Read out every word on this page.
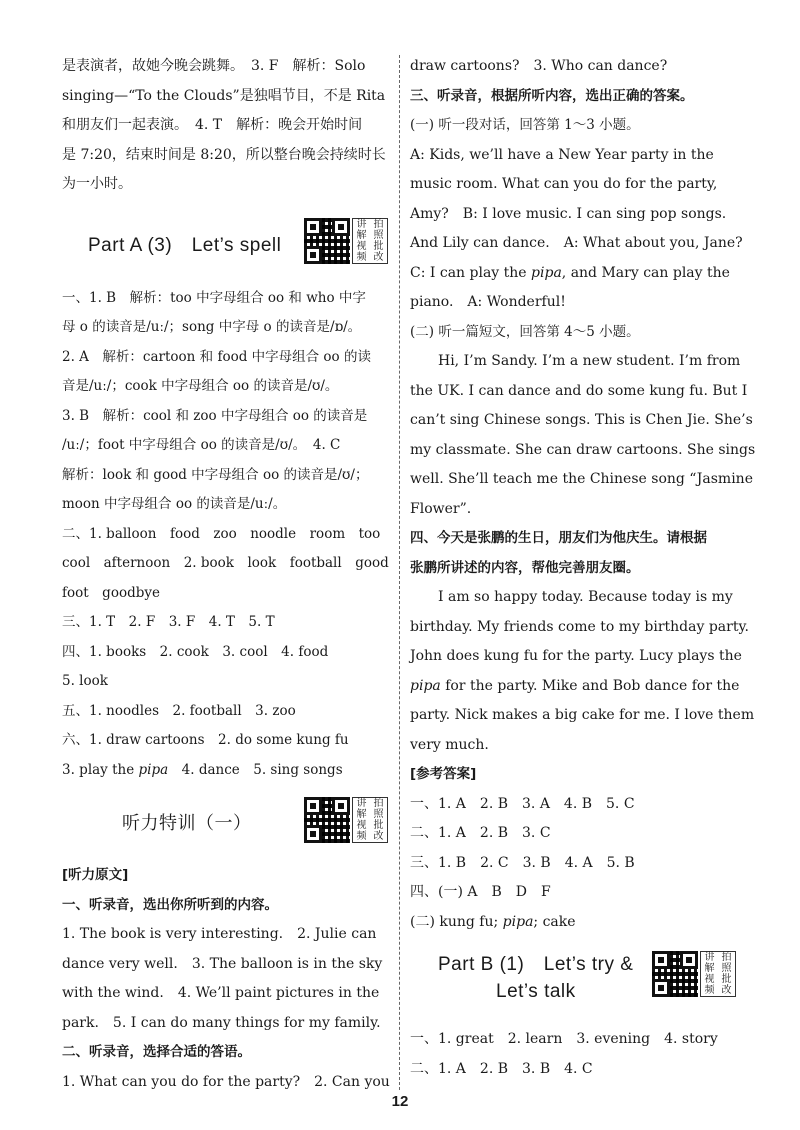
是表演者，故她今晚会跳舞。　3. F　解析：Solo

singing—“To the Clouds”是独唱节目，不是 Rita

和朋友们一起表演。　4. T　解析：晚会开始时间

是 7:20，结束时间是 8:20，所以整台晚会持续时长

为一小时。

Part A (3)　Let’s spell
讲 拍
解 照
视 批
频 改

一、1. B　解析：too 中字母组合 oo 和 who 中字

母 o 的读音是/uː/；song 中字母 o 的读音是/ɒ/。

2. A　解析：cartoon 和 food 中字母组合 oo 的读

音是/uː/；cook 中字母组合 oo 的读音是/ʊ/。

3. B　解析：cool 和 zoo 中字母组合 oo 的读音是

/uː/；foot 中字母组合 oo 的读音是/ʊ/。　4. C

解析：look 和 good 中字母组合 oo 的读音是/ʊ/；

moon 中字母组合 oo 的读音是/uː/。

二、1. balloon　food　zoo　noodle　room　too

cool　afternoon　2. book　look　football　good

foot　goodbye

三、1. T　2. F　3. F　4. T　5. T

四、1. books　2. cook　3. cool　4. food

5. look

五、1. noodles　2. football　3. zoo

六、1. draw cartoons　2. do some kung fu

3. play the pipa　4. dance　5. sing songs

听力特训（一）
讲 拍
解 照
视 批
频 改

[听力原文]

一、听录音，选出你所听到的内容。

1. The book is very interesting.　2. Julie can

dance very well.　3. The balloon is in the sky

with the wind.　4. We’ll paint pictures in the

park.　5. I can do many things for my family.

二、听录音，选择合适的答语。

1. What can you do for the party?　2. Can you

draw cartoons?　3. Who can dance?

三、听录音，根据所听内容，选出正确的答案。

(一) 听一段对话，回答第 1～3 小题。

A: Kids, we’ll have a New Year party in the

music room. What can you do for the party,

Amy?　B: I love music. I can sing pop songs.

And Lily can dance.　A: What about you, Jane?

C: I can play the pipa, and Mary can play the

piano.　A: Wonderful!

(二) 听一篇短文，回答第 4～5 小题。

Hi, I’m Sandy. I’m a new student. I’m from

the UK. I can dance and do some kung fu. But I

can’t sing Chinese songs. This is Chen Jie. She’s

my classmate. She can draw cartoons. She sings

well. She’ll teach me the Chinese song “Jasmine

Flower”.

四、今天是张鹏的生日，朋友们为他庆生。请根据

张鹏所讲述的内容，帮他完善朋友圈。

I am so happy today. Because today is my

birthday. My friends come to my birthday party.

John does kung fu for the party. Lucy plays the

pipa for the party. Mike and Bob dance for the

party. Nick makes a big cake for me. I love them

very much.

[参考答案]

一、1. A　2. B　3. A　4. B　5. C

二、1. A　2. B　3. C

三、1. B　2. C　3. B　4. A　5. B

四、(一) A　B　D　F

(二) kung fu; pipa; cake

Part B (1)　Let’s try &
Let’s talk
讲 拍
解 照
视 批
频 改

一、1. great　2. learn　3. evening　4. story

二、1. A　2. B　3. B　4. C

12
